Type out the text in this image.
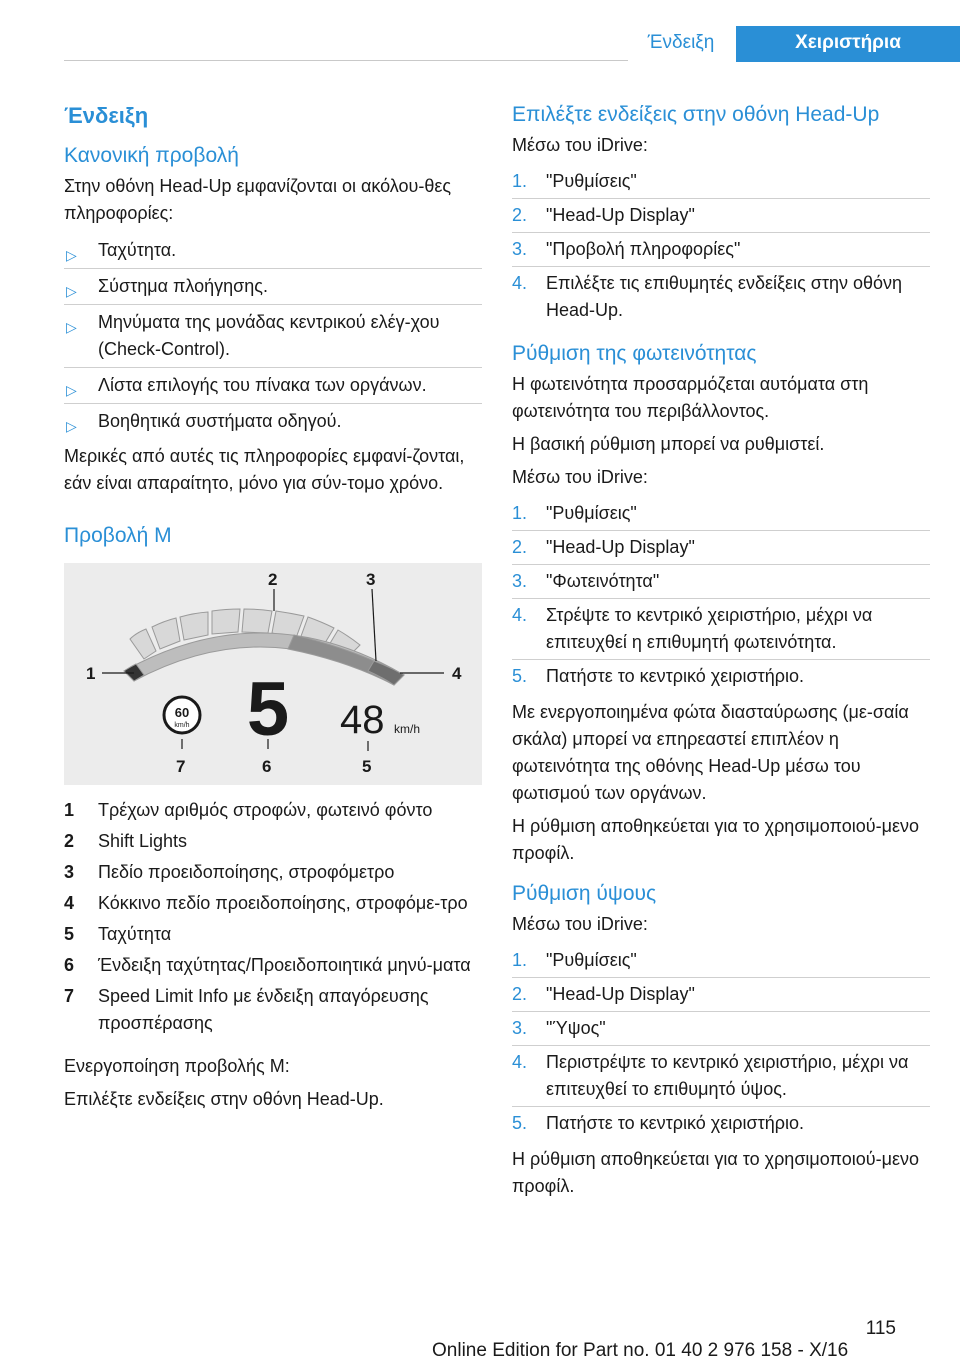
Ένδειξη	Χειριστήρια
Ένδειξη
Κανονική προβολή

Στην οθόνη Head-Up εμφανίζονται οι ακόλου-θες πληροφορίες:

▷ Ταχύτητα.
▷ Σύστημα πλοήγησης.
▷ Μηνύματα της μονάδας κεντρικού ελέγ-χου (Check-Control).
▷ Λίστα επιλογής του πίνακα των οργάνων.
▷ Βοηθητικά συστήματα οδηγού.

Μερικές από αυτές τις πληροφορίες εμφανί-ζονται, εάν είναι απαραίτητο, μόνο για σύν-τομο χρόνο.

Προβολή M
1
2	3
4
5
6
7
60
km/h 5 48 km/h
1 Τρέχων αριθμός στροφών, φωτεινό φόντο
2 Shift Lights
3 Πεδίο προειδοποίησης, στροφόμετρο
4 Κόκκινο πεδίο προειδοποίησης, στροφόμε-τρο
5 Ταχύτητα
6 Ένδειξη ταχύτητας/Προειδοποιητικά μηνύ-ματα
7 Speed Limit Info με ένδειξη απαγόρευσης προσπέρασης

Ενεργοποίηση προβολής M:

Επιλέξτε ενδείξεις στην οθόνη Head-Up.

Επιλέξτε ενδείξεις στην οθόνη Head-Up

Μέσω του iDrive:

1. "Ρυθμίσεις"
2. "Head-Up Display"
3. "Προβολή πληροφορίες"
4. Επιλέξτε τις επιθυμητές ενδείξεις στην οθόνη Head-Up.
Ρύθμιση της φωτεινότητας

Η φωτεινότητα προσαρμόζεται αυτόματα στη φωτεινότητα του περιβάλλοντος.

Η βασική ρύθμιση μπορεί να ρυθμιστεί.

Μέσω του iDrive:

1. "Ρυθμίσεις"
2. "Head-Up Display"
3. "Φωτεινότητα"
4. Στρέψτε το κεντρικό χειριστήριο, μέχρι να επιτευχθεί η επιθυμητή φωτεινότητα.
5. Πατήστε το κεντρικό χειριστήριο.

Με ενεργοποιημένα φώτα διασταύρωσης (με-σαία σκάλα) μπορεί να επηρεαστεί επιπλέον η φωτεινότητα της οθόνης Head-Up μέσω του φωτισμού των οργάνων.

Η ρύθμιση αποθηκεύεται για το χρησιμοποιού-μενο προφίλ.

Ρύθμιση ύψους

Μέσω του iDrive:

1. "Ρυθμίσεις"
2. "Head-Up Display"
3. "Ύψος"
4. Περιστρέψτε το κεντρικό χειριστήριο, μέχρι να επιτευχθεί το επιθυμητό ύψος.
5. Πατήστε το κεντρικό χειριστήριο.

Η ρύθμιση αποθηκεύεται για το χρησιμοποιού-μενο προφίλ.

115
Online Edition for Part no. 01 40 2 976 158 - X/16
